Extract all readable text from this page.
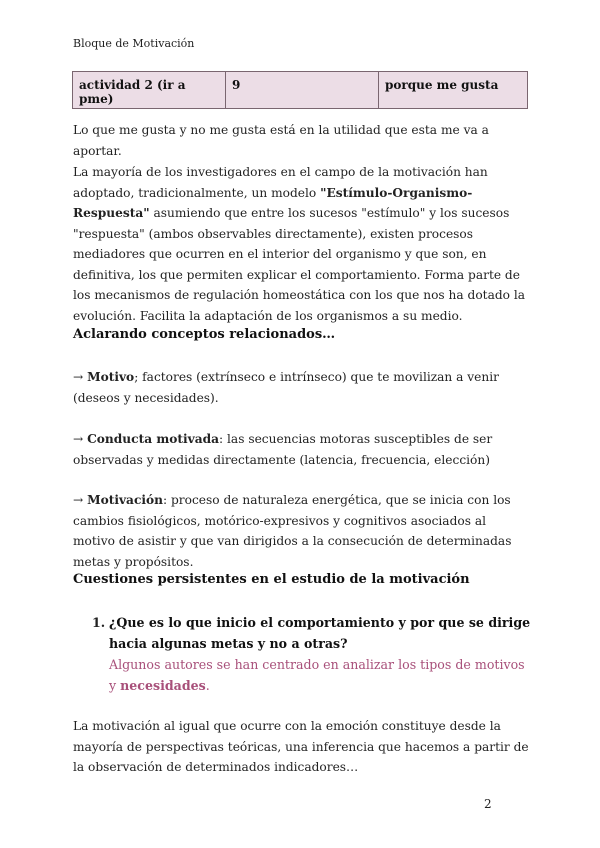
Bloque de Motivación
actividad 2 (ir a pme)	9	porque me gusta
Lo que me gusta y no me gusta está en la utilidad que esta me va a aportar.
La mayoría de los investigadores en el campo de la motivación han adoptado, tradicionalmente, un modelo "Estímulo-Organismo-Respuesta" asumiendo que entre los sucesos "estímulo" y los sucesos "respuesta" (ambos observables directamente), existen procesos mediadores que ocurren en el interior del organismo y que son, en definitiva, los que permiten explicar el comportamiento. Forma parte de los mecanismos de regulación homeostática con los que nos ha dotado la evolución. Facilita la adaptación de los organismos a su medio.
Aclarando conceptos relacionados…
→ Motivo; factores (extrínseco e intrínseco) que te movilizan a venir (deseos y necesidades).
→ Conducta motivada: las secuencias motoras susceptibles de ser observadas y medidas directamente (latencia, frecuencia, elección)
→ Motivación: proceso de naturaleza energética, que se inicia con los cambios fisiológicos, motórico-expresivos y cognitivos asociados al motivo de asistir y que van dirigidos a la consecución de determinadas metas y propósitos.
Cuestiones persistentes en el estudio de la motivación
1. ¿Que es lo que inicio el comportamiento y por que se dirige hacia algunas metas y no a otras?
Algunos autores se han centrado en analizar los tipos de motivos y necesidades.
La motivación al igual que ocurre con la emoción constituye desde la mayoría de perspectivas teóricas, una inferencia que hacemos a partir de la observación de determinados indicadores…
2
